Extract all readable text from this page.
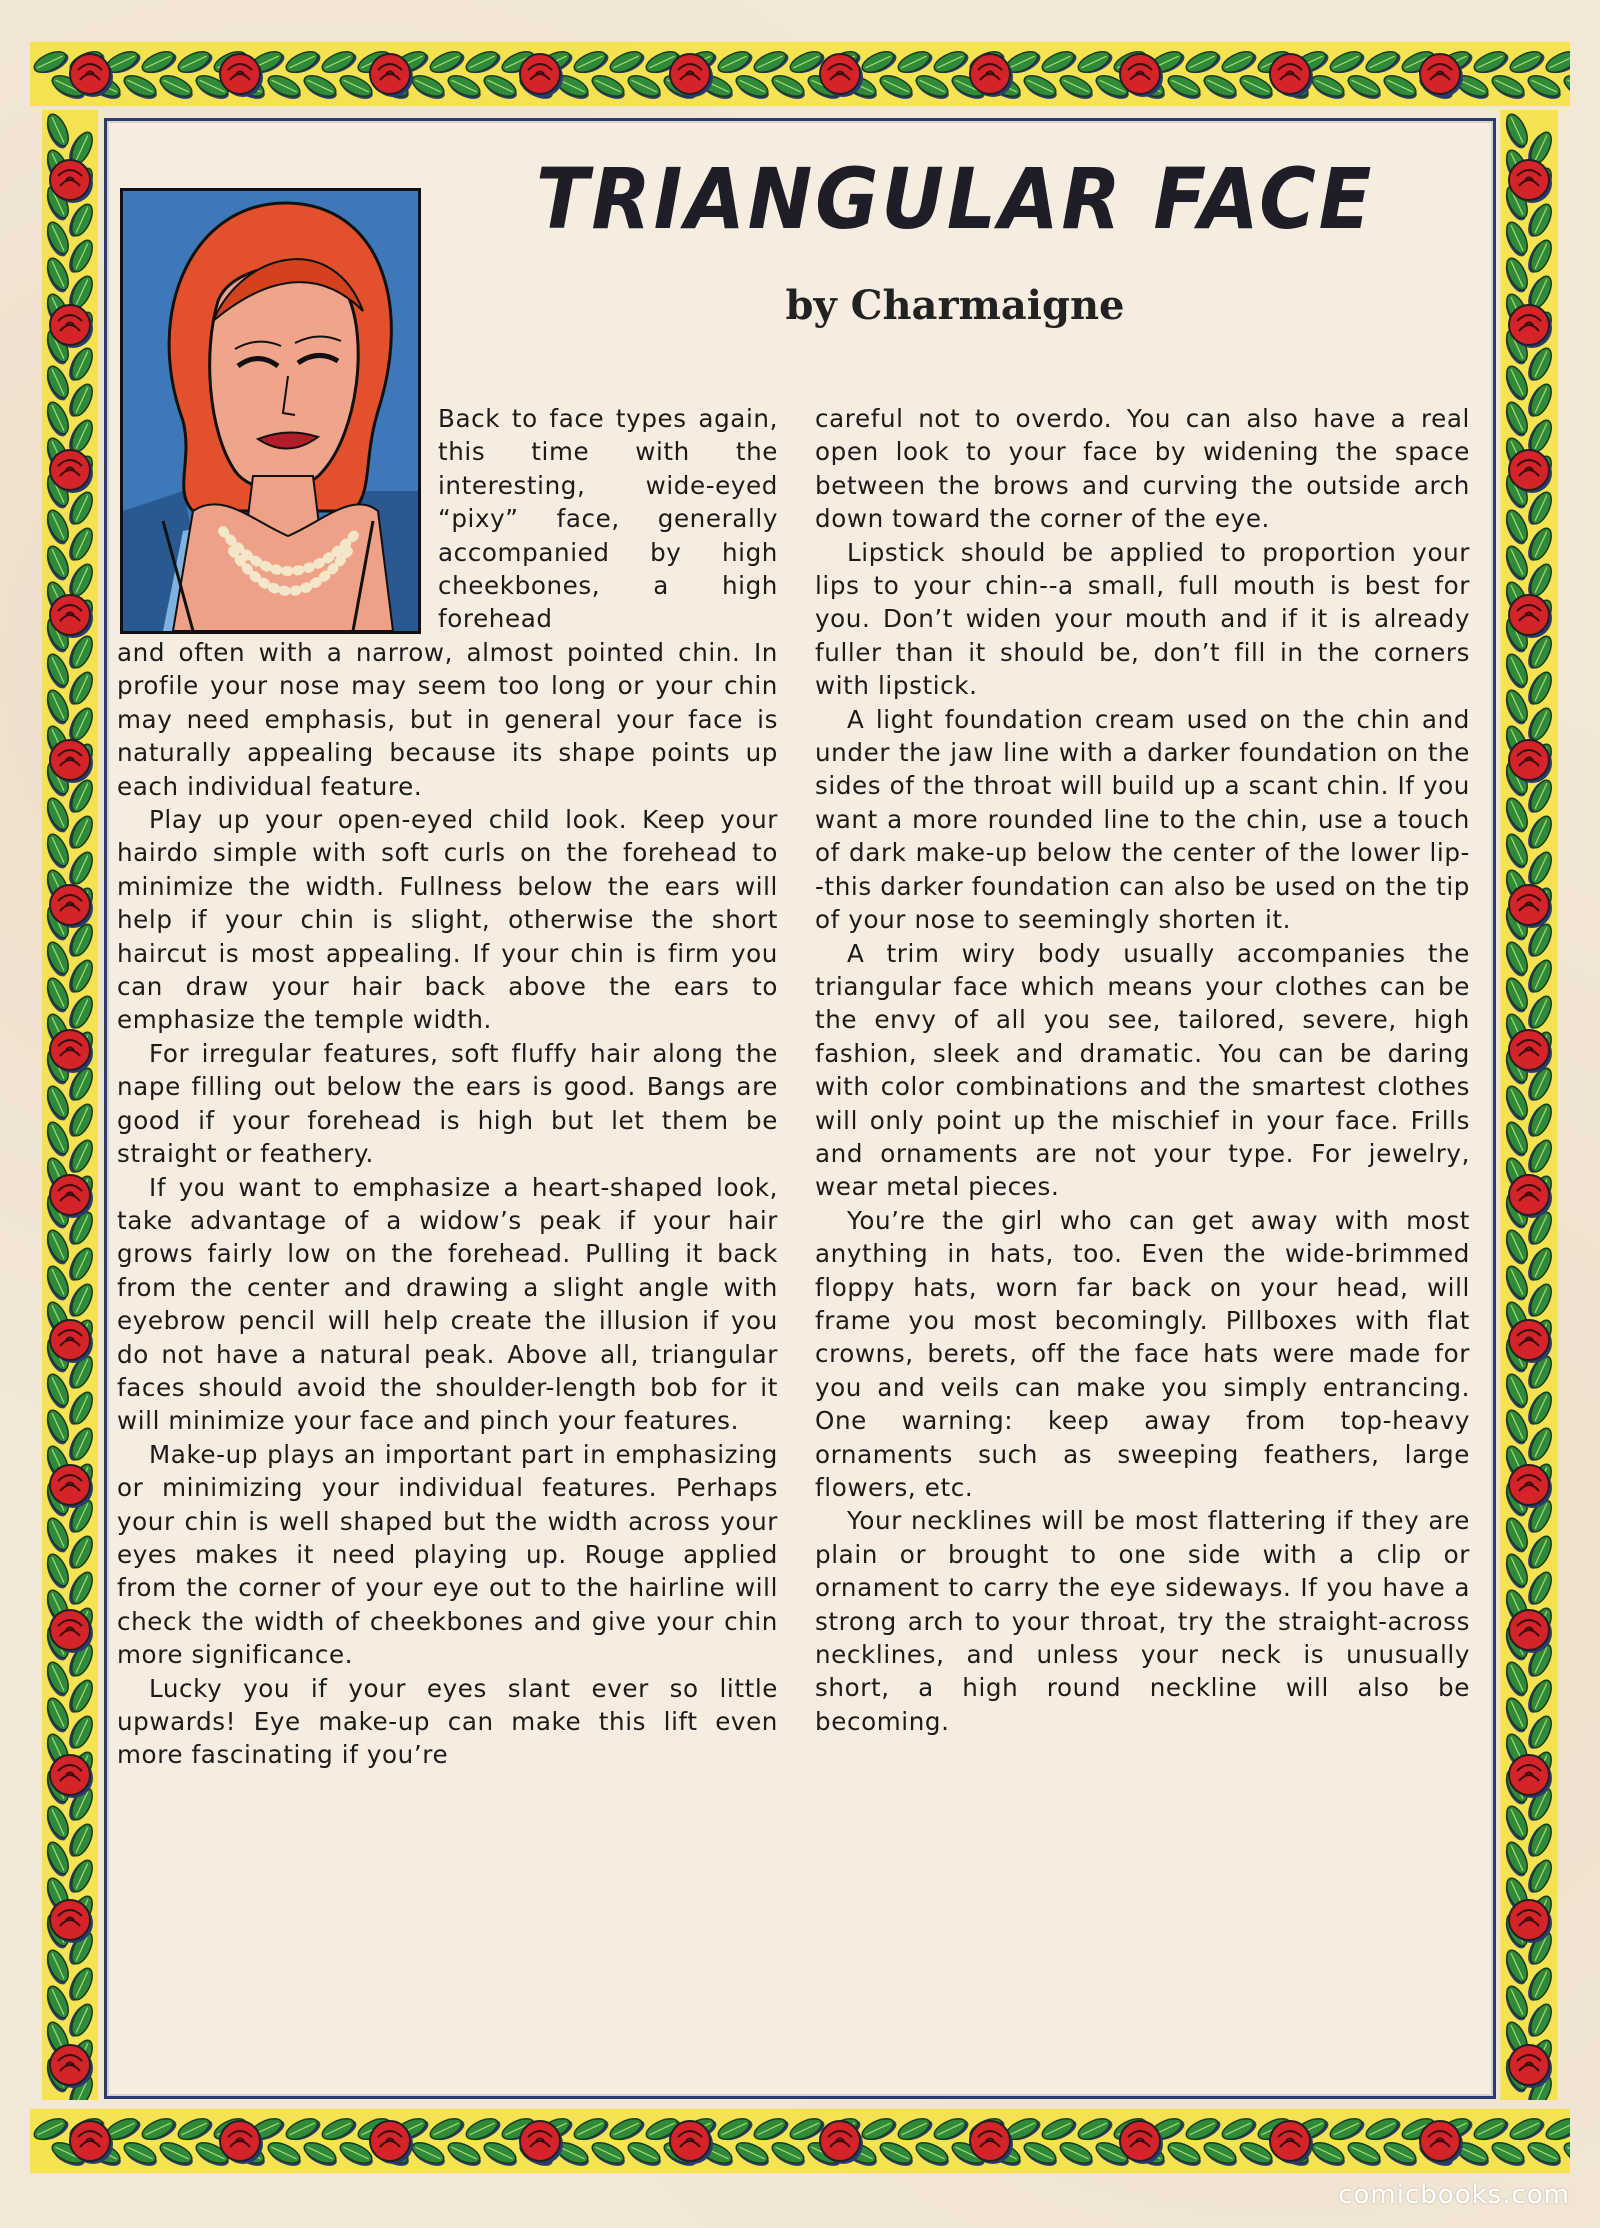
TRIANGULAR FACE
by Charmaigne

Back to face types again, this time with the interesting, wide-eyed “pixy” face, generally accompanied by high cheekbones, a high forehead

and often with a narrow, almost pointed chin. In profile your nose may seem too long or your chin may need emphasis, but in general your face is naturally appealing because its shape points up each individual feature.

Play up your open-eyed child look. Keep your hairdo simple with soft curls on the forehead to minimize the width. Fullness below the ears will help if your chin is slight, otherwise the short haircut is most appealing. If your chin is firm you can draw your hair back above the ears to emphasize the temple width.

For irregular features, soft fluffy hair along the nape filling out below the ears is good. Bangs are good if your forehead is high but let them be straight or feathery.

If you want to emphasize a heart-shaped look, take advantage of a widow’s peak if your hair grows fairly low on the forehead. Pulling it back from the center and drawing a slight angle with eyebrow pencil will help create the illusion if you do not have a natural peak. Above all, triangular faces should avoid the shoulder-length bob for it will minimize your face and pinch your features.

Make-up plays an important part in emphasizing or minimizing your individual features. Perhaps your chin is well shaped but the width across your eyes makes it need playing up. Rouge applied from the corner of your eye out to the hairline will check the width of cheekbones and give your chin more significance.

Lucky you if your eyes slant ever so little upwards! Eye make-up can make this lift even more fascinating if you’re

careful not to overdo. You can also have a real open look to your face by widening the space between the brows and curving the outside arch down toward the corner of the eye.

Lipstick should be applied to proportion your lips to your chin--a small, full mouth is best for you. Don’t widen your mouth and if it is already fuller than it should be, don’t fill in the corners with lipstick.

A light foundation cream used on the chin and under the jaw line with a darker foundation on the sides of the throat will build up a scant chin. If you want a more rounded line to the chin, use a touch of dark make-up below the center of the lower lip--this darker foundation can also be used on the tip of your nose to seemingly shorten it.

A trim wiry body usually accompanies the triangular face which means your clothes can be the envy of all you see, tailored, severe, high fashion, sleek and dramatic. You can be daring with color combinations and the smartest clothes will only point up the mischief in your face. Frills and ornaments are not your type. For jewelry, wear metal pieces.

You’re the girl who can get away with most anything in hats, too. Even the wide-brimmed floppy hats, worn far back on your head, will frame you most becomingly. Pillboxes with flat crowns, berets, off the face hats were made for you and veils can make you simply entrancing. One warning: keep away from top-heavy ornaments such as sweeping feathers, large flowers, etc.

Your necklines will be most flattering if they are plain or brought to one side with a clip or ornament to carry the eye sideways. If you have a strong arch to your throat, try the straight-across necklines, and unless your neck is unusually short, a high round neckline will also be becoming.

comicbooks.com
